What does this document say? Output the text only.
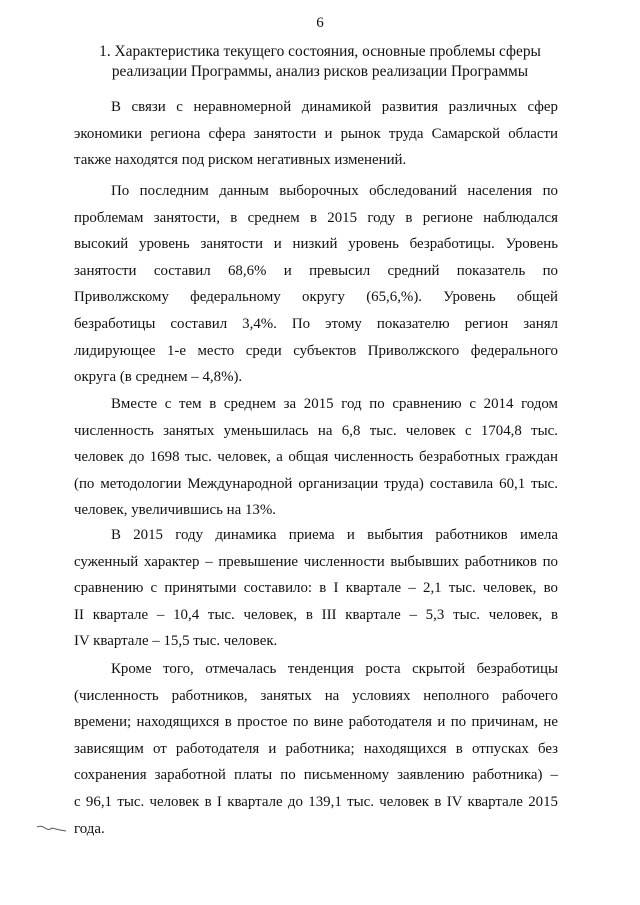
6
1. Характеристика текущего состояния, основные проблемы сферы
реализации Программы, анализ рисков реализации Программы
В связи с неравномерной динамикой развития различных сфер
экономики региона сфера занятости и рынок труда Самарской области
также находятся под риском негативных изменений.
По последним данным выборочных обследований населения по
проблемам занятости, в среднем в 2015 году в регионе наблюдался
высокий уровень занятости и низкий уровень безработицы. Уровень
занятости составил 68,6% и превысил средний показатель по
Приволжскому федеральному округу (65,6,%). Уровень общей
безработицы составил 3,4%. По этому показателю регион занял
лидирующее 1-е место среди субъектов Приволжского федерального
округа (в среднем – 4,8%).
Вместе с тем в среднем за 2015 год по сравнению с 2014 годом
численность занятых уменьшилась на 6,8 тыс. человек с 1704,8 тыс.
человек до 1698 тыс. человек, а общая численность безработных граждан
(по методологии Международной организации труда) составила 60,1 тыс.
человек, увеличившись на 13%.
В 2015 году динамика приема и выбытия работников имела
суженный характер – превышение численности выбывших работников по
сравнению с принятыми составило: в I квартале – 2,1 тыс. человек, во
II квартале – 10,4 тыс. человек, в III квартале – 5,3 тыс. человек, в
IV квартале – 15,5 тыс. человек.
Кроме того, отмечалась тенденция роста скрытой безработицы
(численность работников, занятых на условиях неполного рабочего
времени; находящихся в простое по вине работодателя и по причинам, не
зависящим от работодателя и работника; находящихся в отпусках без
сохранения заработной платы по письменному заявлению работника) –
с 96,1 тыс. человек в I квартале до 139,1 тыс. человек в IV квартале 2015
года.
